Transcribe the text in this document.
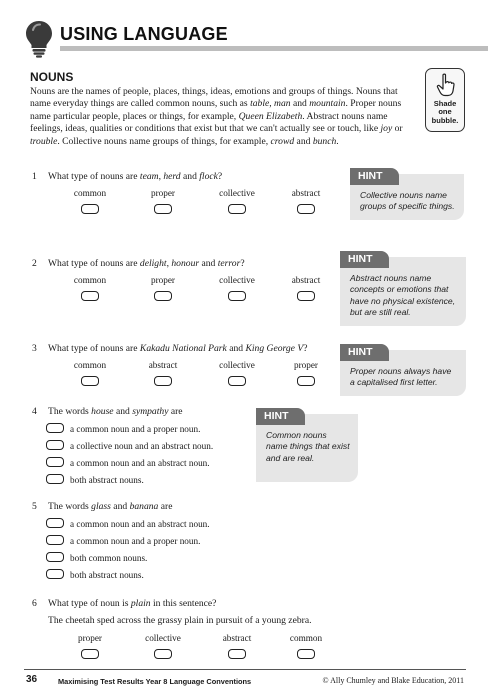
USING LANGUAGE
NOUNS

Nouns are the names of people, places, things, ideas, emotions and groups of things. Nouns that name everyday things are called common nouns, such as table, man and mountain. Proper nouns name particular people, places or things, for example, Queen Elizabeth. Abstract nouns name feelings, ideas, qualities or conditions that exist but that we can't actually see or touch, like joy or trouble. Collective nouns name groups of things, for example, crowd and bunch.

Shade
one
bubble.
1 What type of nouns are team, herd and flock?
common	proper	collective	abstract
HINT
Collective nouns name groups of specific things.
2 What type of nouns are delight, honour and terror?
common	proper	collective	abstract
HINT
Abstract nouns name concepts or emotions that have no physical existence, but are still real.
3 What type of nouns are Kakadu National Park and King George V?
common	abstract	collective	proper
HINT
Proper nouns always have a capitalised first letter.
4 The words house and sympathy are
a common noun and a proper noun.
a collective noun and an abstract noun.
a common noun and an abstract noun.
both abstract nouns.
HINT
Common nouns name things that exist and are real.
5 The words glass and banana are
a common noun and an abstract noun.
a common noun and a proper noun.
both common nouns.
both abstract nouns.
6 What type of noun is plain in this sentence?
The cheetah sped across the grassy plain in pursuit of a young zebra.
proper	collective	abstract	common
36	Maximising Test Results Year 8 Language Conventions	© Ally Chumley and Blake Education, 2011
